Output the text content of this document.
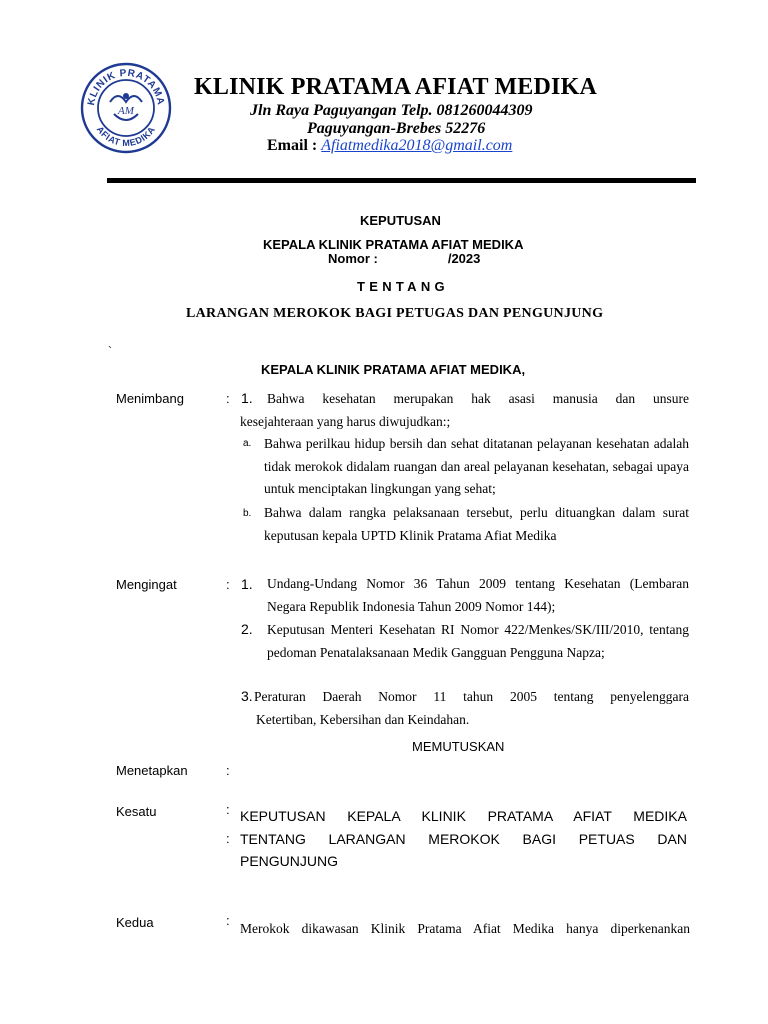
KLINIK PRATAMA
AFIAT MEDIKA
AM
KLINIK PRATAMA AFIAT MEDIKA
Jln Raya Paguyangan Telp. 081260044309
Paguyangan-Brebes 52276
Email : Afiatmedika2018@gmail.com
KEPUTUSAN
KEPALA KLINIK PRATAMA AFIAT MEDIKA
Nomor :	/2023
TENTANG
LARANGAN MEROKOK BAGI PETUGAS DAN PENGUNJUNG
`
KEPALA KLINIK PRATAMA AFIAT MEDIKA,
Menimbang	: 1. Bahwa kesehatan merupakan hak asasi manusia dan unsure
kesejahteraan yang harus diwujudkan:;
a. Bahwa perilkau hidup bersih dan sehat ditatanan pelayanan kesehatan adalah tidak merokok didalam ruangan dan areal pelayanan kesehatan, sebagai upaya untuk menciptakan lingkungan yang sehat;
b. Bahwa dalam rangka pelaksanaan tersebut, perlu dituangkan dalam surat keputusan kepala UPTD Klinik Pratama Afiat Medika
Mengingat	: 1. Undang-Undang Nomor 36 Tahun 2009 tentang Kesehatan (Lembaran Negara Republik Indonesia Tahun 2009 Nomor 144);
2. Keputusan Menteri Kesehatan RI Nomor 422/Menkes/SK/III/2010, tentang pedoman Penatalaksanaan Medik Gangguan Pengguna Napza;
3. Peraturan Daerah Nomor 11 tahun 2005 tentang penyelenggara
Ketertiban, Kebersihan dan Keindahan.
MEMUTUSKAN
Menetapkan	:
Kesatu	:
:
KEPUTUSAN KEPALA KLINIK PRATAMA AFIAT MEDIKA
TENTANG LARANGAN MEROKOK BAGI PETUAS DAN
PENGUNJUNG
Kedua	:
Merokok dikawasan Klinik Pratama Afiat Medika hanya diperkenankan
